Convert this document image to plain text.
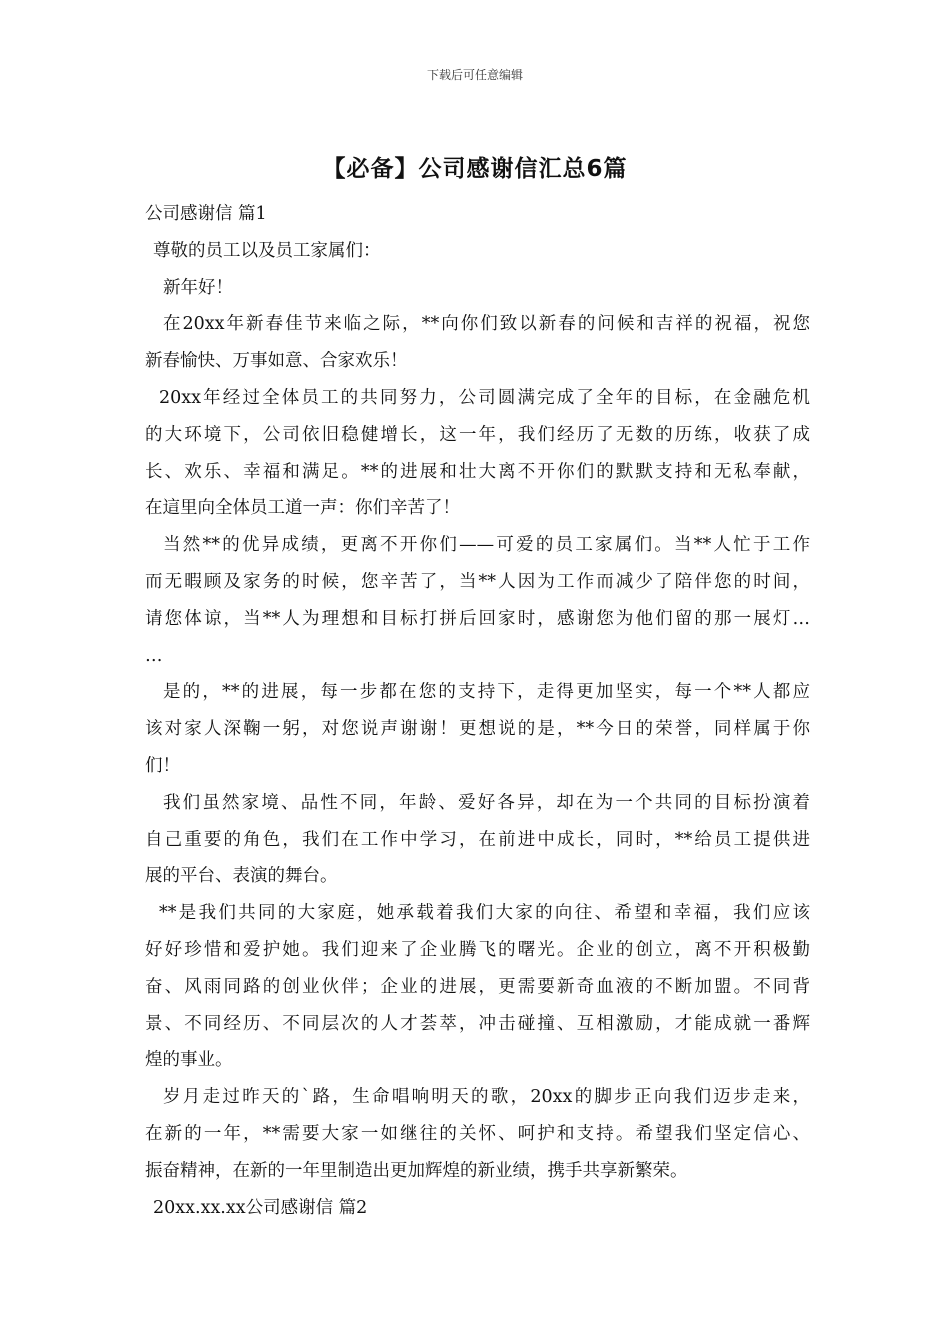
下载后可任意编辑
【必备】公司感谢信汇总6篇
公司感谢信 篇1
尊敬的员工以及员工家属们：
新年好！
在20xx年新春佳节来临之际，**向你们致以新春的问候和吉祥的祝福，祝您
新春愉快、万事如意、合家欢乐！
20xx年经过全体员工的共同努力，公司圆满完成了全年的目标，在金融危机
的大环境下，公司依旧稳健增长，这一年，我们经历了无数的历练，收获了成
长、欢乐、幸福和满足。**的进展和壮大离不开你们的默默支持和无私奉献，
在這里向全体员工道一声：你们辛苦了！
当然**的优异成绩，更离不开你们——可爱的员工家属们。当**人忙于工作
而无暇顾及家务的时候，您辛苦了，当**人因为工作而减少了陪伴您的时间，
请您体谅，当**人为理想和目标打拼后回家时，感谢您为他们留的那一展灯…
…
是的，**的进展，每一步都在您的支持下，走得更加坚实，每一个**人都应
该对家人深鞠一躬，对您说声谢谢！更想说的是，**今日的荣誉，同样属于你
们！
我们虽然家境、品性不同，年龄、爱好各异，却在为一个共同的目标扮演着
自己重要的角色，我们在工作中学习，在前进中成长，同时，**给员工提供进
展的平台、表演的舞台。
**是我们共同的大家庭，她承载着我们大家的向往、希望和幸福，我们应该
好好珍惜和爱护她。我们迎来了企业腾飞的曙光。企业的创立，离不开积极勤
奋、风雨同路的创业伙伴；企业的进展，更需要新奇血液的不断加盟。不同背
景、不同经历、不同层次的人才荟萃，冲击碰撞、互相激励，才能成就一番辉
煌的事业。
岁月走过昨天的`路，生命唱响明天的歌，20xx的脚步正向我们迈步走来，
在新的一年，**需要大家一如继往的关怀、呵护和支持。希望我们坚定信心、
振奋精神，在新的一年里制造出更加辉煌的新业绩，携手共享新繁荣。
20xx.xx.xx公司感谢信 篇2
